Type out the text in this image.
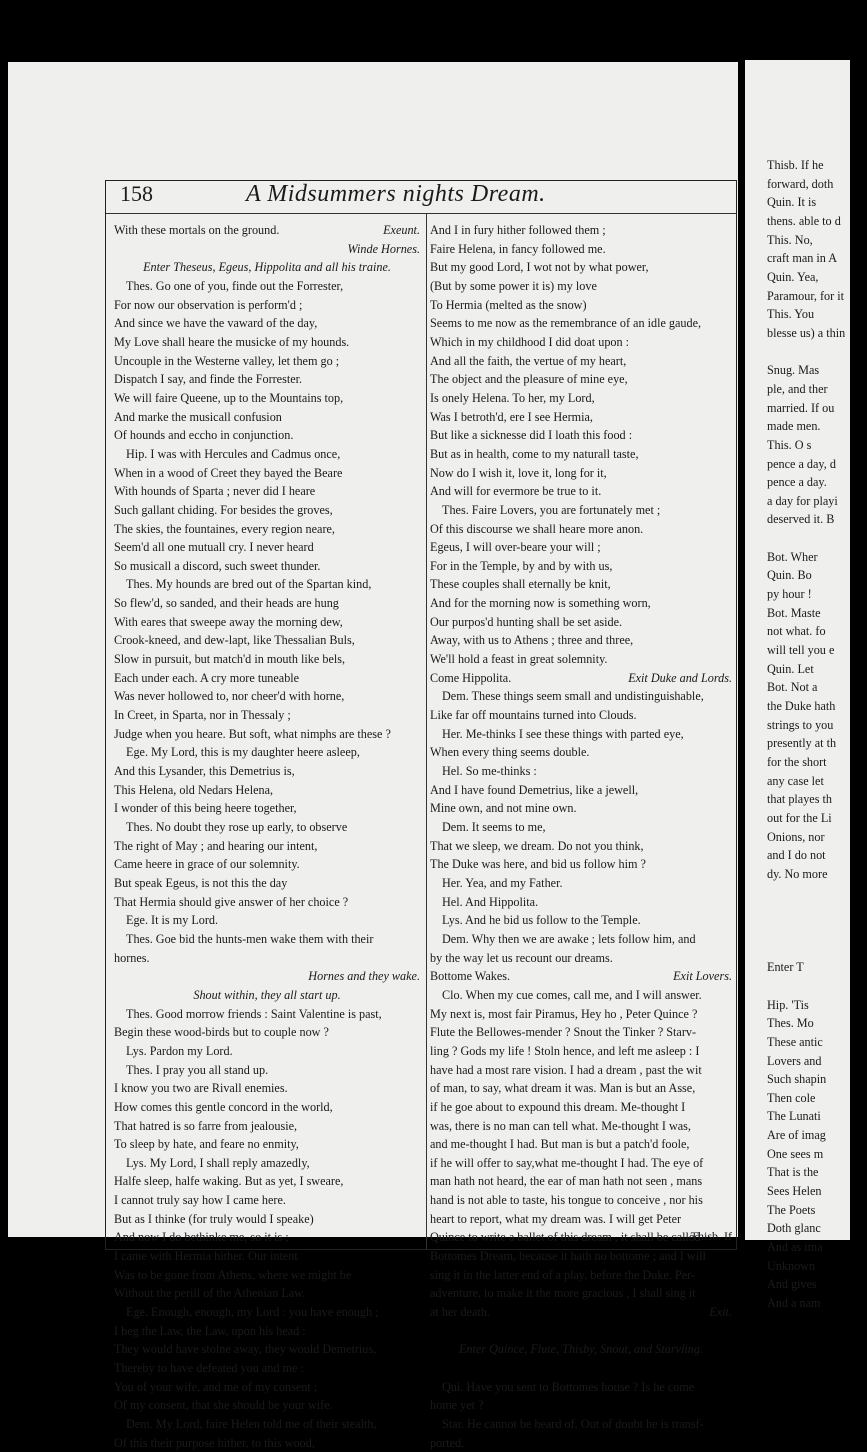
158	A Midsummers nights Dream.
With these mortals on the ground.	Exeunt.
Winde Hornes.
Enter Theseus, Egeus, Hippolita and all his traine.
Thes. Go one of you, finde out the Forrester,
For now our observation is perform'd ;
And since we have the vaward of the day,
My Love shall heare the musicke of my hounds.
Uncouple in the Westerne valley, let them go ;
Dispatch I say, and finde the Forrester.
We will faire Queene, up to the Mountains top,
And marke the musicall confusion
Of hounds and eccho in conjunction.
Hip. I was with Hercules and Cadmus once,
When in a wood of Creet they bayed the Beare
With hounds of Sparta ; never did I heare
Such gallant chiding. For besides the groves,
The skies, the fountaines, every region neare,
Seem'd all one mutuall cry. I never heard
So musicall a discord, such sweet thunder.
Thes. My hounds are bred out of the Spartan kind,
So flew'd, so sanded, and their heads are hung
With eares that sweepe away the morning dew,
Crook-kneed, and dew-lapt, like Thessalian Buls,
Slow in pursuit, but match'd in mouth like bels,
Each under each. A cry more tuneable
Was never hollowed to, nor cheer'd with horne,
In Creet, in Sparta, nor in Thessaly ;
Judge when you heare. But soft, what nimphs are these ?
Ege. My Lord, this is my daughter heere asleep,
And this Lysander, this Demetrius is,
This Helena, old Nedars Helena,
I wonder of this being heere together,
Thes. No doubt they rose up early, to observe
The right of May ; and hearing our intent,
Came heere in grace of our solemnity.
But speak Egeus, is not this the day
That Hermia should give answer of her choice ?
Ege. It is my Lord.
Thes. Goe bid the hunts-men wake them with their
hornes.
Hornes and they wake.
Shout within, they all start up.
Thes. Good morrow friends : Saint Valentine is past,
Begin these wood-birds but to couple now ?
Lys. Pardon my Lord.
Thes. I pray you all stand up.
I know you two are Rivall enemies.
How comes this gentle concord in the world,
That hatred is so farre from jealousie,
To sleep by hate, and feare no enmity,
Lys. My Lord, I shall reply amazedly,
Halfe sleep, halfe waking. But as yet, I sweare,
I cannot truly say how I came here.
But as I thinke (for truly would I speake)
And now I do bethinke me, so it is ;
I came with Hermia hither. Our intent
Was to be gone from Athens, where we might be
Without the perill of the Athenian Law.
Ege. Enough, enough, my Lord : you have enough ;
I beg the Law, the Law, upon his head :
They would have stolne away, they would Demetrius,
Thereby to have defeated you and me :
You of your wife, and me of my consent ;
Of my consent, that she should be your wife.
Dem. My Lord, faire Helen told me of their stealth,
Of this their purpose hither, to this wood,
And I in fury hither followed them ;
Faire Helena, in fancy followed me.
But my good Lord, I wot not by what power,
(But by some power it is) my love
To Hermia (melted as the snow)
Seems to me now as the remembrance of an idle gaude,
Which in my childhood I did doat upon :
And all the faith, the vertue of my heart,
The object and the pleasure of mine eye,
Is onely Helena. To her, my Lord,
Was I betroth'd, ere I see Hermia,
But like a sicknesse did I loath this food :
But as in health, come to my naturall taste,
Now do I wish it, love it, long for it,
And will for evermore be true to it.
Thes. Faire Lovers, you are fortunately met ;
Of this discourse we shall heare more anon.
Egeus, I will over-beare your will ;
For in the Temple, by and by with us,
These couples shall eternally be knit,
And for the morning now is something worn,
Our purpos'd hunting shall be set aside.
Away, with us to Athens ; three and three,
We'll hold a feast in great solemnity.
Come Hippolita.	Exit Duke and Lords.
Dem. These things seem small and undistinguishable,
Like far off mountains turned into Clouds.
Her. Me-thinks I see these things with parted eye,
When every thing seems double.
Hel. So me-thinks :
And I have found Demetrius, like a jewell,
Mine own, and not mine own.
Dem. It seems to me,
That we sleep, we dream. Do not you think,
The Duke was here, and bid us follow him ?
Her. Yea, and my Father.
Hel. And Hippolita.
Lys. And he bid us follow to the Temple.
Dem. Why then we are awake ; lets follow him, and
by the way let us recount our dreams.
Bottome Wakes.	Exit Lovers.
Clo. When my cue comes, call me, and I will answer.
My next is, most fair Piramus, Hey ho , Peter Quince ?
Flute the Bellowes-mender ? Snout the Tinker ? Starv-
ling ? Gods my life ! Stoln hence, and left me asleep : I
have had a most rare vision. I had a dream , past the wit
of man, to say, what dream it was. Man is but an Asse,
if he goe about to expound this dream. Me-thought I
was, there is no man can tell what. Me-thought I was,
and me-thought I had. But man is but a patch'd foole,
if he will offer to say,what me-thought I had. The eye of
man hath not heard, the ear of man hath not seen , mans
hand is not able to taste, his tongue to conceive , nor his
heart to report, what my dream was. I will get Peter
Quince to write a ballet of this dream , it shall be called
Bottomes Dream, because it hath no bottome ; and I will
sing it in the latter end of a play, before the Duke. Per-
adventure, to make it the more gracious , I shall sing it
at her death.	Exit.

Enter Quince, Flute, Thisby, Snout, and Starvling.

Qui. Have you sent to Bottomes house ? Is he come
home yet ?
Star. He cannot be heard of. Out of doubt he is transf-
ported.
Thisb. If
Thisb. If he
forward, doth
Quin. It is
thens. able to d
This. No,
craft man in A
Quin. Yea,
Paramour, for it
This. You
blesse us) a thin

Snug. Mas
ple, and ther
married. If ou
made men.
This. O s
pence a day, d
pence a day.
a day for playi
deserved it. B

Bot. Wher
Quin. Bo
py hour !
Bot. Maste
not what. fo
will tell you e
Quin. Let
Bot. Not a
the Duke hath
strings to you
presently at th
for the short
any case let
that playes th
out for the Li
Onions, nor
and I do not
dy. No more

Enter T

Hip. 'Tis
Thes. Mo
These antic
Lovers and
Such shapin
Then cole
The Lunati
Are of imag
One sees m
That is the
Sees Helen
The Poets
Doth glanc
And as ima
Unknown
And gives
And a nam
